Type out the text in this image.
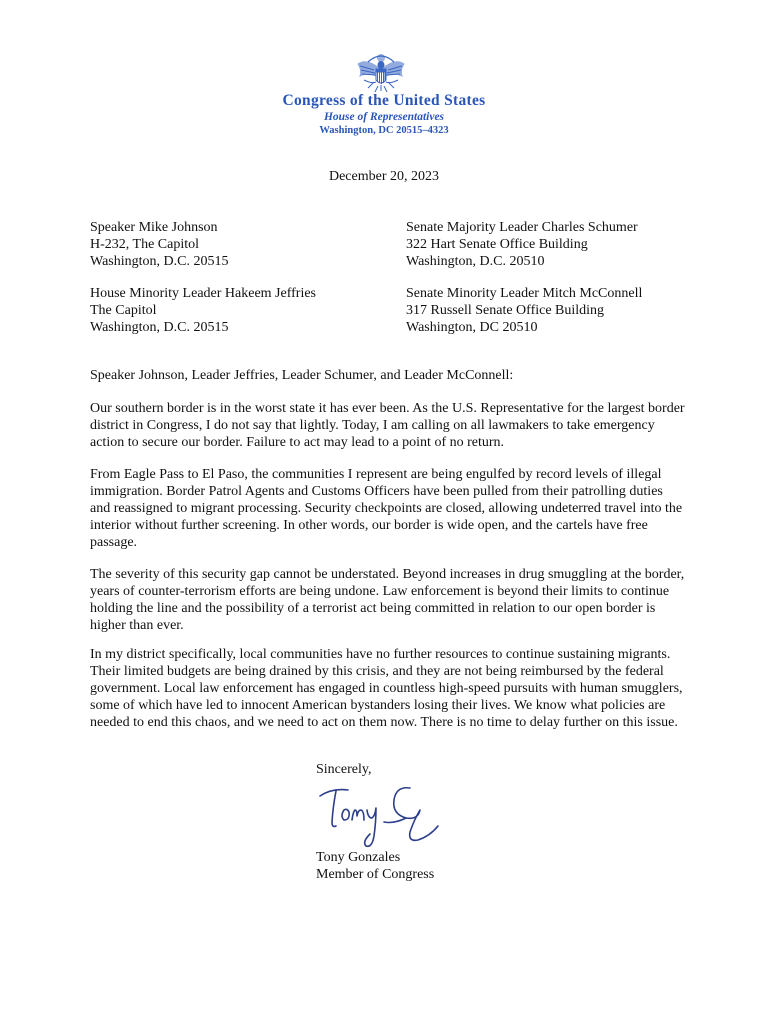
Congress of the United States
House of Representatives
Washington, DC 20515–4323
December 20, 2023
Speaker Mike Johnson
H-232, The Capitol
Washington, D.C. 20515
Senate Majority Leader Charles Schumer
322 Hart Senate Office Building
Washington, D.C. 20510
House Minority Leader Hakeem Jeffries
The Capitol
Washington, D.C. 20515
Senate Minority Leader Mitch McConnell
317 Russell Senate Office Building
Washington, DC 20510
Speaker Johnson, Leader Jeffries, Leader Schumer, and Leader McConnell:
Our southern border is in the worst state it has ever been. As the U.S. Representative for the largest border
district in Congress, I do not say that lightly. Today, I am calling on all lawmakers to take emergency
action to secure our border. Failure to act may lead to a point of no return.
From Eagle Pass to El Paso, the communities I represent are being engulfed by record levels of illegal
immigration. Border Patrol Agents and Customs Officers have been pulled from their patrolling duties
and reassigned to migrant processing. Security checkpoints are closed, allowing undeterred travel into the
interior without further screening. In other words, our border is wide open, and the cartels have free
passage.
The severity of this security gap cannot be understated. Beyond increases in drug smuggling at the border,
years of counter-terrorism efforts are being undone. Law enforcement is beyond their limits to continue
holding the line and the possibility of a terrorist act being committed in relation to our open border is
higher than ever.
In my district specifically, local communities have no further resources to continue sustaining migrants.
Their limited budgets are being drained by this crisis, and they are not being reimbursed by the federal
government. Local law enforcement has engaged in countless high-speed pursuits with human smugglers,
some of which have led to innocent American bystanders losing their lives. We know what policies are
needed to end this chaos, and we need to act on them now. There is no time to delay further on this issue.
Sincerely,
Tony Gonzales
Member of Congress
